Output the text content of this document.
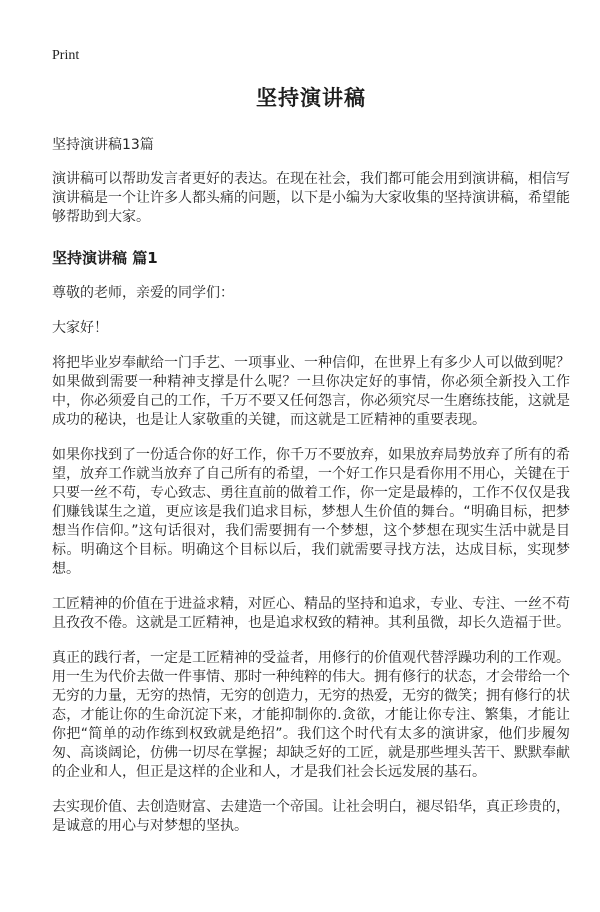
Print
坚持演讲稿
坚持演讲稿13篇

演讲稿可以帮助发言者更好的表达。在现在社会，我们都可能会用到演讲稿，相信写演讲稿是一个让许多人都头痛的问题，以下是小编为大家收集的坚持演讲稿，希望能够帮助到大家。

坚持演讲稿 篇1

尊敬的老师，亲爱的同学们：

大家好！

将把毕业岁奉献给一门手艺、一项事业、一种信仰，在世界上有多少人可以做到呢？如果做到需要一种精神支撑是什么呢？一旦你决定好的事情，你必须全新投入工作中，你必须爱自己的工作，千万不要又任何怨言，你必须究尽一生磨练技能，这就是成功的秘诀，也是让人家敬重的关键，而这就是工匠精神的重要表现。

如果你找到了一份适合你的好工作，你千万不要放弃，如果放弃局势放弃了所有的希望，放弃工作就当放弃了自己所有的希望，一个好工作只是看你用不用心，关键在于只要一丝不苟，专心致志、勇往直前的做着工作，你一定是最棒的，工作不仅仅是我们赚钱谋生之道，更应该是我们追求目标，梦想人生价值的舞台。“明确目标，把梦想当作信仰。”这句话很对，我们需要拥有一个梦想，这个梦想在现实生活中就是目标。明确这个目标。明确这个目标以后，我们就需要寻找方法，达成目标，实现梦想。

工匠精神的价值在于进益求精，对匠心、精品的坚持和追求，专业、专注、一丝不苟且孜孜不倦。这就是工匠精神，也是追求权致的精神。其利虽微，却长久造福于世。

真正的践行者，一定是工匠精神的受益者，用修行的价值观代替浮躁功利的工作观。用一生为代价去做一件事情、那时一种纯粹的伟大。拥有修行的状态，才会带给一个无穷的力量，无穷的热情，无穷的创造力，无穷的热爱，无穷的微笑；拥有修行的状态，才能让你的生命沉淀下来，才能抑制你的.贪欲，才能让你专注、繁集，才能让你把“简单的动作练到权致就是绝招”。我们这个时代有太多的演讲家，他们步履匆匆、高谈阔论，仿佛一切尽在掌握；却缺乏好的工匠，就是那些埋头苦干、默默奉献的企业和人，但正是这样的企业和人，才是我们社会长远发展的基石。

去实现价值、去创造财富、去建造一个帝国。让社会明白，褪尽铅华，真正珍贵的，是诚意的用心与对梦想的坚执。
